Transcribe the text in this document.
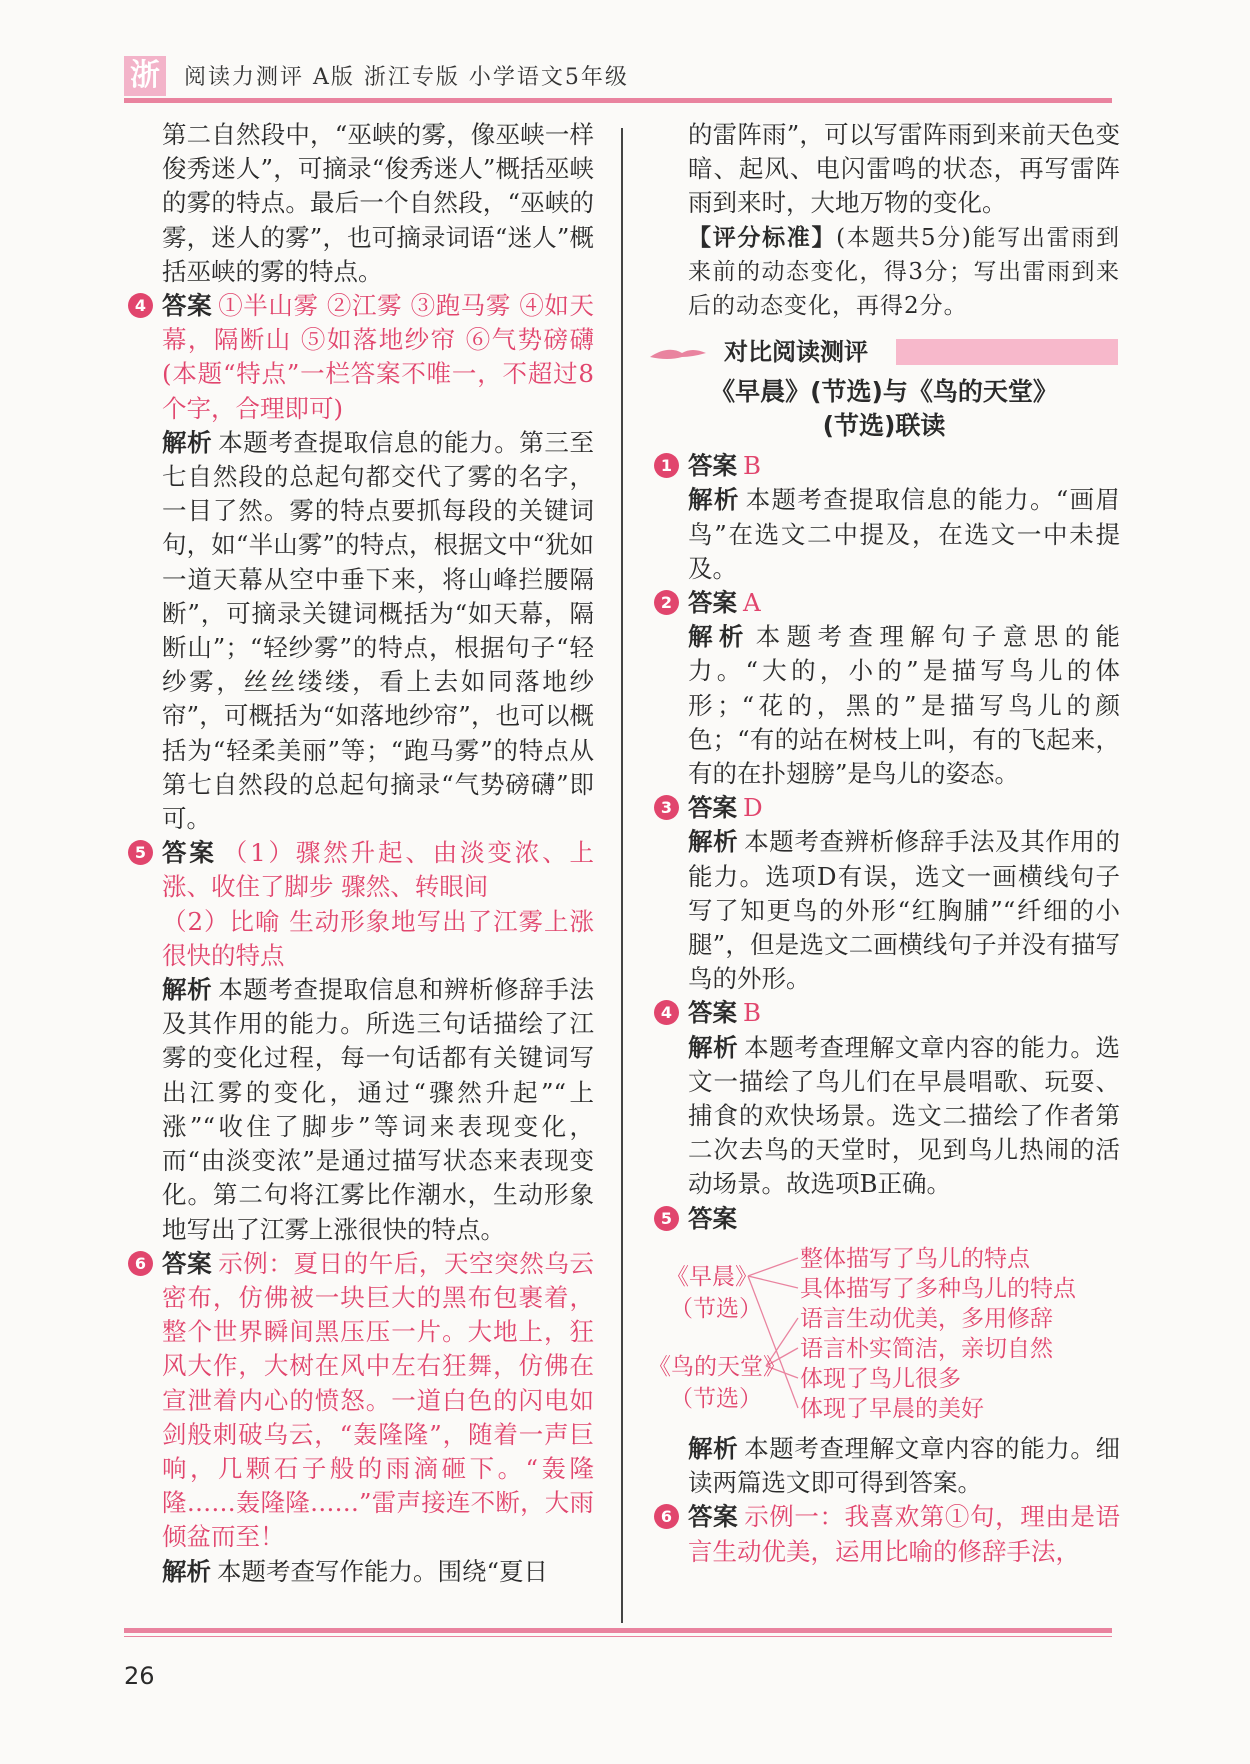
浙 阅读力测评 A版 浙江专版 小学语文5年级

第二自然段中，“巫峡的雾，像巫峡一样俊秀迷人”，可摘录“俊秀迷人”概括巫峡的雾的特点。最后一个自然段，“巫峡的雾，迷人的雾”，也可摘录词语“迷人”概括巫峡的雾的特点。

4 答案 ①半山雾 ②江雾 ③跑马雾 ④如天幕，隔断山 ⑤如落地纱帘 ⑥气势磅礴(本题“特点”一栏答案不唯一，不超过8个字，合理即可)

解析 本题考查提取信息的能力。第三至七自然段的总起句都交代了雾的名字，一目了然。雾的特点要抓每段的关键词句，如“半山雾”的特点，根据文中“犹如一道天幕从空中垂下来，将山峰拦腰隔断”，可摘录关键词概括为“如天幕，隔断山”；“轻纱雾”的特点，根据句子“轻纱雾，丝丝缕缕，看上去如同落地纱帘”，可概括为“如落地纱帘”，也可以概括为“轻柔美丽”等；“跑马雾”的特点从第七自然段的总起句摘录“气势磅礴”即可。

5 答案 （1）骤然升起、由淡变浓、上涨、收住了脚步 骤然、转眼间

（2）比喻 生动形象地写出了江雾上涨很快的特点

解析 本题考查提取信息和辨析修辞手法及其作用的能力。所选三句话描绘了江雾的变化过程，每一句话都有关键词写出江雾的变化，通过“骤然升起”“上涨”“收住了脚步”等词来表现变化，而“由淡变浓”是通过描写状态来表现变化。第二句将江雾比作潮水，生动形象地写出了江雾上涨很快的特点。

6 答案 示例：夏日的午后，天空突然乌云密布，仿佛被一块巨大的黑布包裹着，整个世界瞬间黑压压一片。大地上，狂风大作，大树在风中左右狂舞，仿佛在宣泄着内心的愤怒。一道白色的闪电如剑般刺破乌云，“轰隆隆”，随着一声巨响，几颗石子般的雨滴砸下。“轰隆隆……轰隆隆……”雷声接连不断，大雨倾盆而至！

解析 本题考查写作能力。围绕“夏日

的雷阵雨”，可以写雷阵雨到来前天色变暗、起风、电闪雷鸣的状态，再写雷阵雨到来时，大地万物的变化。

【评分标准】(本题共5分)能写出雷雨到来前的动态变化，得3分；写出雷雨到来后的动态变化，再得2分。

对比阅读测评
《早晨》(节选)与《鸟的天堂》
(节选)联读
1 答案 B

解析 本题考查提取信息的能力。“画眉鸟”在选文二中提及，在选文一中未提及。

2 答案 A

解析 本题考查理解句子意思的能力。“大的，小的”是描写鸟儿的体形；“花的，黑的”是描写鸟儿的颜色；“有的站在树枝上叫，有的飞起来，有的在扑翅膀”是鸟儿的姿态。

3 答案 D

解析 本题考查辨析修辞手法及其作用的能力。选项D有误，选文一画横线句子写了知更鸟的外形“红胸脯”“纤细的小腿”，但是选文二画横线句子并没有描写鸟的外形。

4 答案 B

解析 本题考查理解文章内容的能力。选文一描绘了鸟儿们在早晨唱歌、玩耍、捕食的欢快场景。选文二描绘了作者第二次去鸟的天堂时，见到鸟儿热闹的活动场景。故选项B正确。

5 答案

《早晨》
（节选）
《鸟的天堂》
（节选）
整体描写了鸟儿的特点
具体描写了多种鸟儿的特点
语言生动优美，多用修辞
语言朴实简洁，亲切自然
体现了鸟儿很多
体现了早晨的美好

解析 本题考查理解文章内容的能力。细读两篇选文即可得到答案。

6 答案 示例一：我喜欢第①句，理由是语言生动优美，运用比喻的修辞手法，

26
